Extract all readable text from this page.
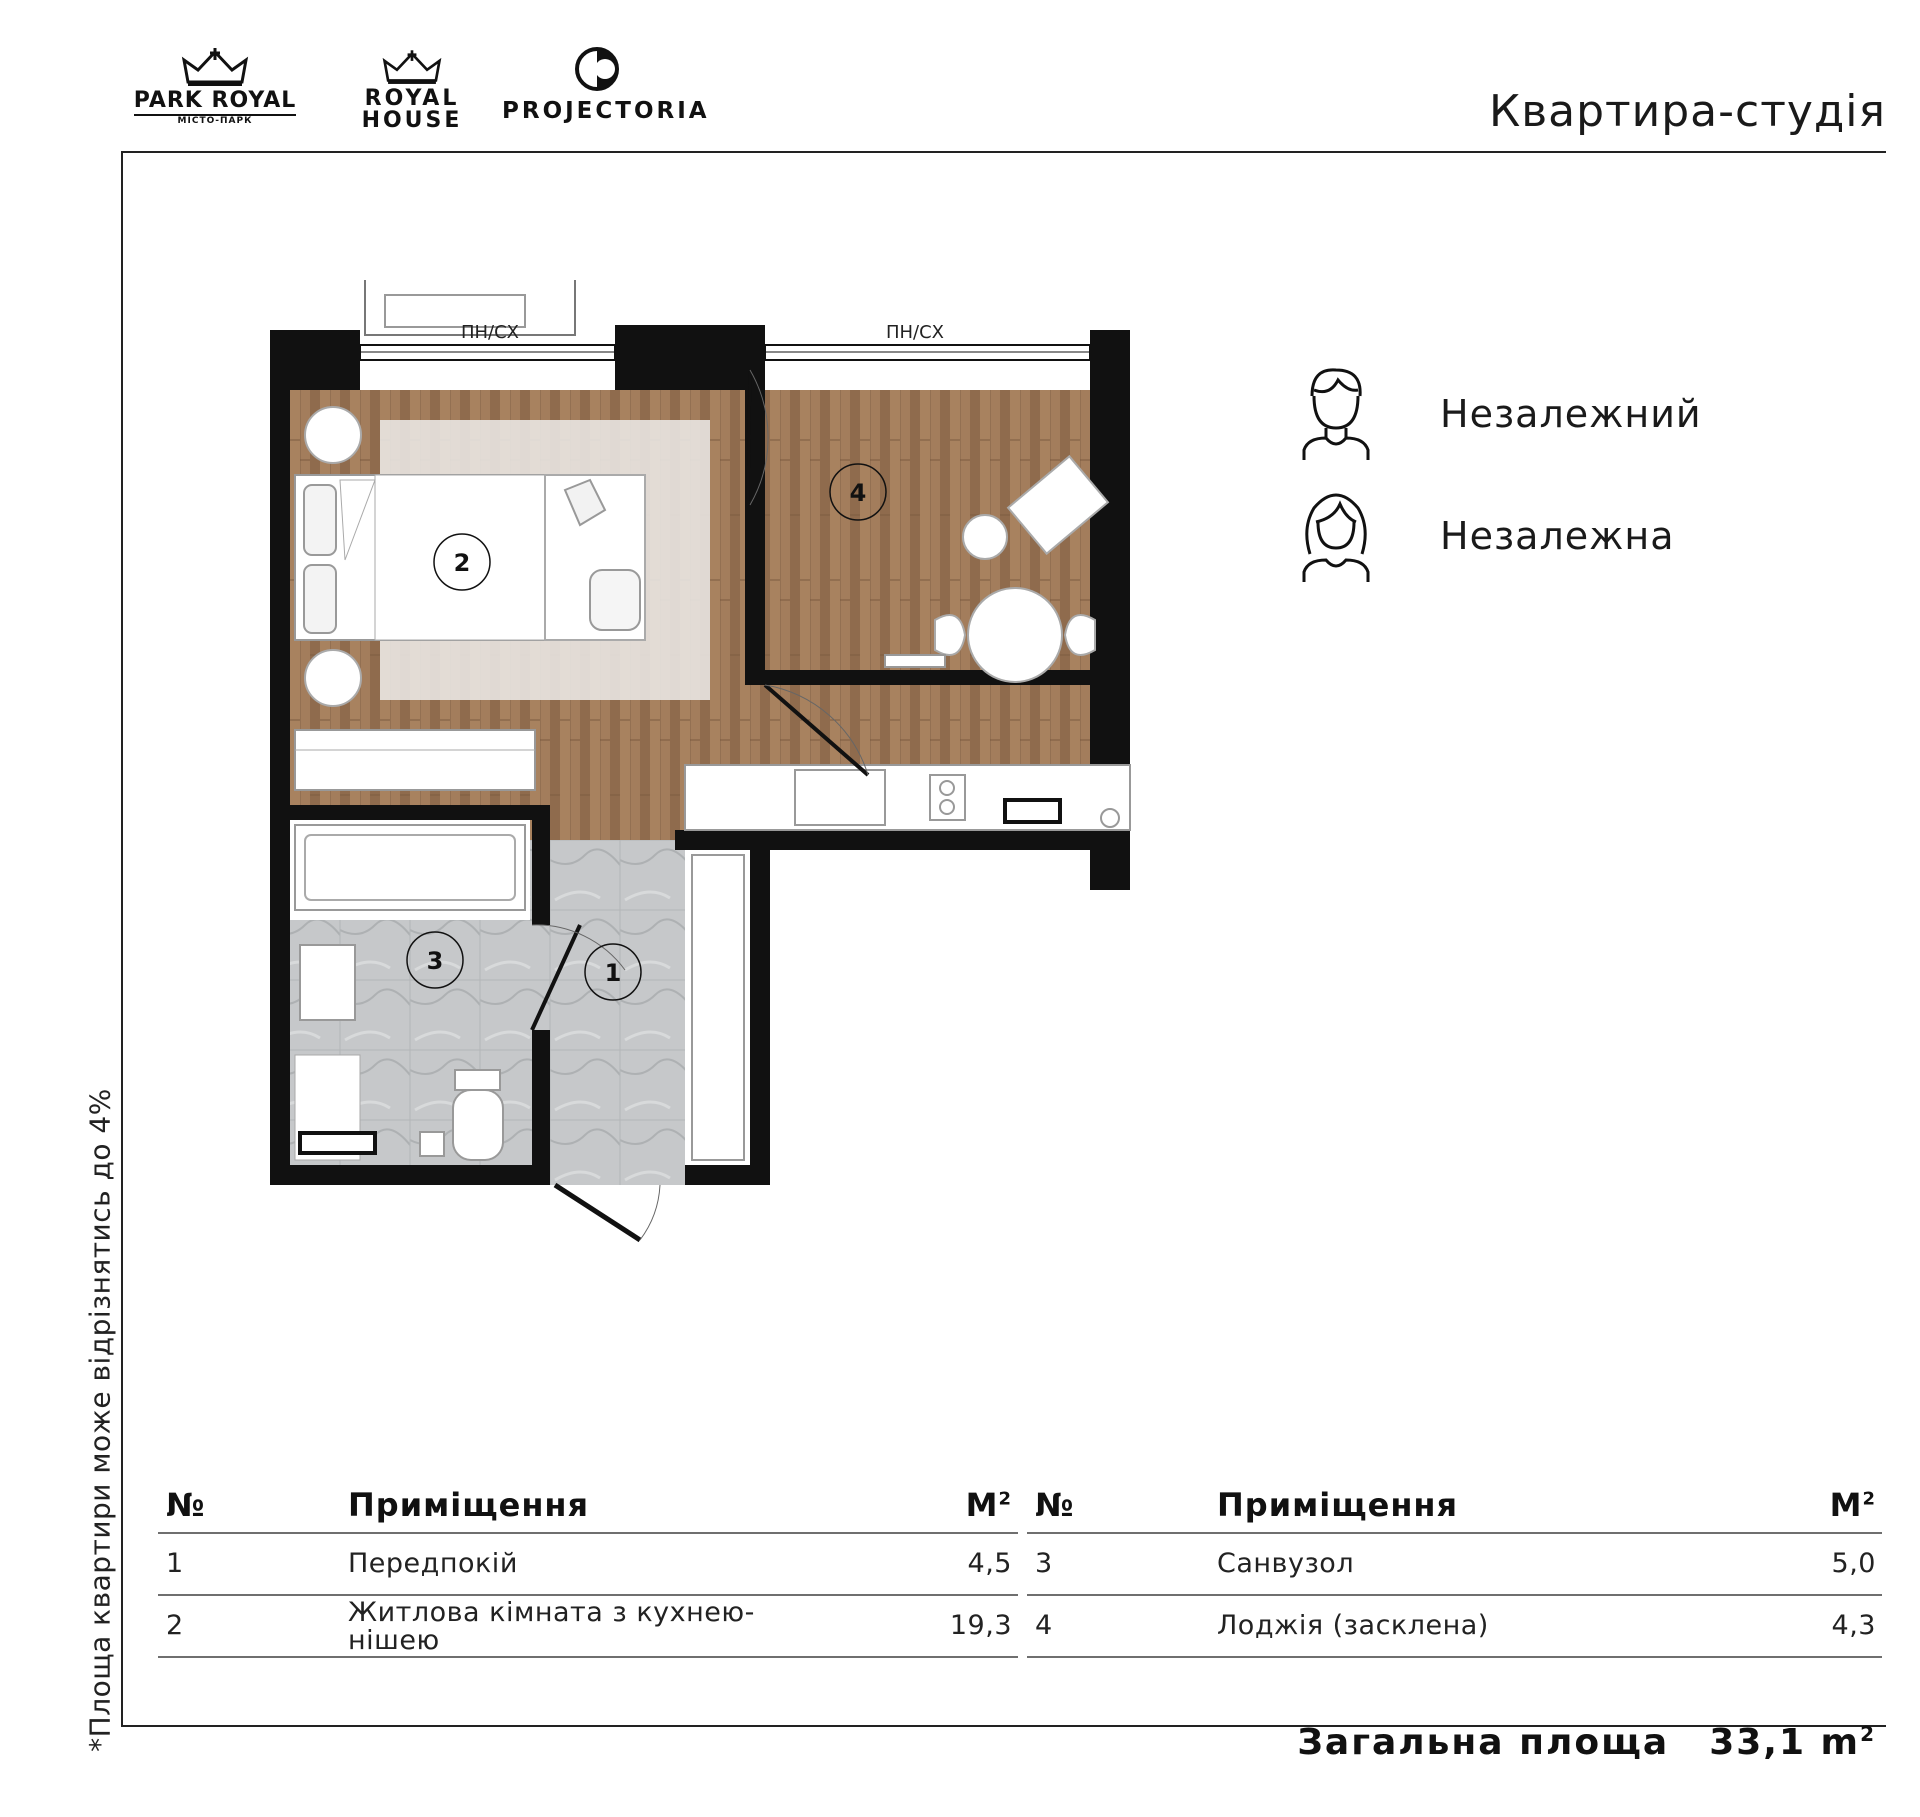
PARK ROYAL
МІСТО-ПАРК
ROYAL
HOUSE	PROJECTORIA	Квартира-студія
*Площа квартири може відрізнятись до 4%
ПН/СХ	ПН/СХ
2
4
3	1
Незалежний
Незалежна
№	Приміщення	$М^2$
1	Передпокій	4,5
2	Житлова кімната з кухнею-нішею	19,3
№	Приміщення	$М^2$
3	Санвузол	5,0
4	Лоджія (засклена)	4,3
Загальна площа 33,1 $m^2$
